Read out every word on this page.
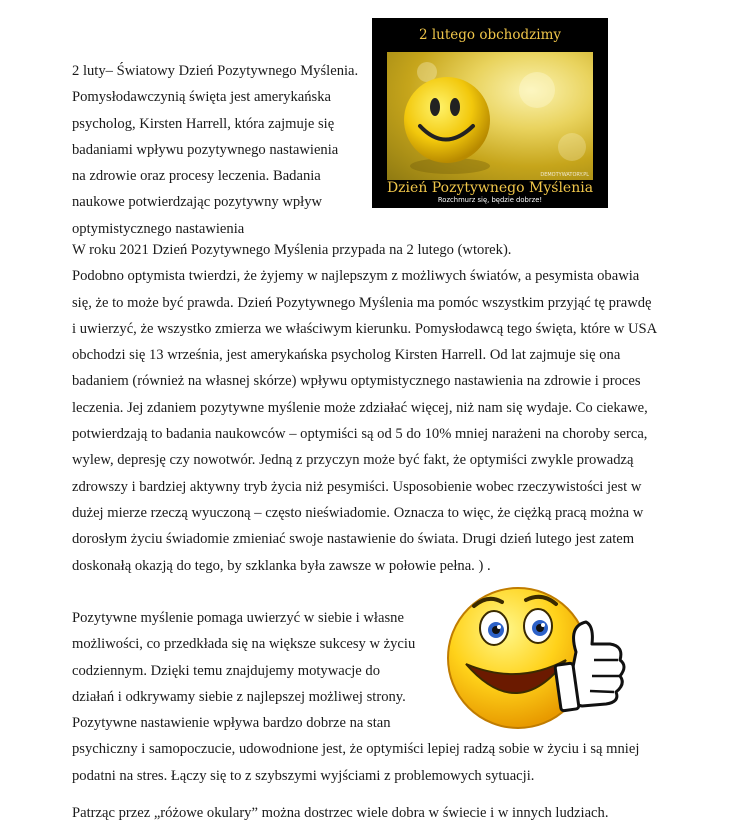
2 lutego obchodzimy
DEMOTYWATORY.PL
Dzień Pozytywnego Myślenia
Rozchmurz się, będzie dobrze!

2 luty– Światowy Dzień Pozytywnego Myślenia.
Pomysłodawczynią święta jest amerykańska
psycholog, Kirsten Harrell, która zajmuje się
badaniami wpływu pozytywnego nastawienia
na zdrowie oraz procesy leczenia. Badania
naukowe potwierdzając pozytywny wpływ
optymistycznego nastawienia

W roku 2021 Dzień Pozytywnego Myślenia przypada na 2 lutego (wtorek).
Podobno optymista twierdzi, że żyjemy w najlepszym z możliwych światów, a pesymista obawia
się, że to może być prawda. Dzień Pozytywnego Myślenia ma pomóc wszystkim przyjąć tę prawdę
i uwierzyć, że wszystko zmierza we właściwym kierunku. Pomysłodawcą tego święta, które w USA
obchodzi się 13 września, jest amerykańska psycholog Kirsten Harrell. Od lat zajmuje się ona
badaniem (również na własnej skórze) wpływu optymistycznego nastawienia na zdrowie i proces
leczenia. Jej zdaniem pozytywne myślenie może zdziałać więcej, niż nam się wydaje. Co ciekawe,
potwierdzają to badania naukowców – optymiści są od 5 do 10% mniej narażeni na choroby serca,
wylew, depresję czy nowotwór. Jedną z przyczyn może być fakt, że optymiści zwykle prowadzą
zdrowszy i bardziej aktywny tryb życia niż pesymiści. Usposobienie wobec rzeczywistości jest w
dużej mierze rzeczą wyuczoną – często nieświadomie. Oznacza to więc, że ciężką pracą można w
dorosłym życiu świadomie zmieniać swoje nastawienie do świata. Drugi dzień lutego jest zatem
doskonałą okazją do tego, by szklanka była zawsze w połowie pełna. ) .

Pozytywne myślenie pomaga uwierzyć w siebie i własne
możliwości, co przedkłada się na większe sukcesy w życiu
codziennym. Dzięki temu znajdujemy motywacje do
działań i odkrywamy siebie z najlepszej możliwej strony.
Pozytywne nastawienie wpływa bardzo dobrze na stan
psychiczny i samopoczucie, udowodnione jest, że optymiści lepiej radzą sobie w życiu i są mniej
podatni na stres. Łączy się to z szybszymi wyjściami z problemowych sytuacji.

Patrząc przez „różowe okulary” można dostrzec wiele dobra w świecie i w innych ludziach.
